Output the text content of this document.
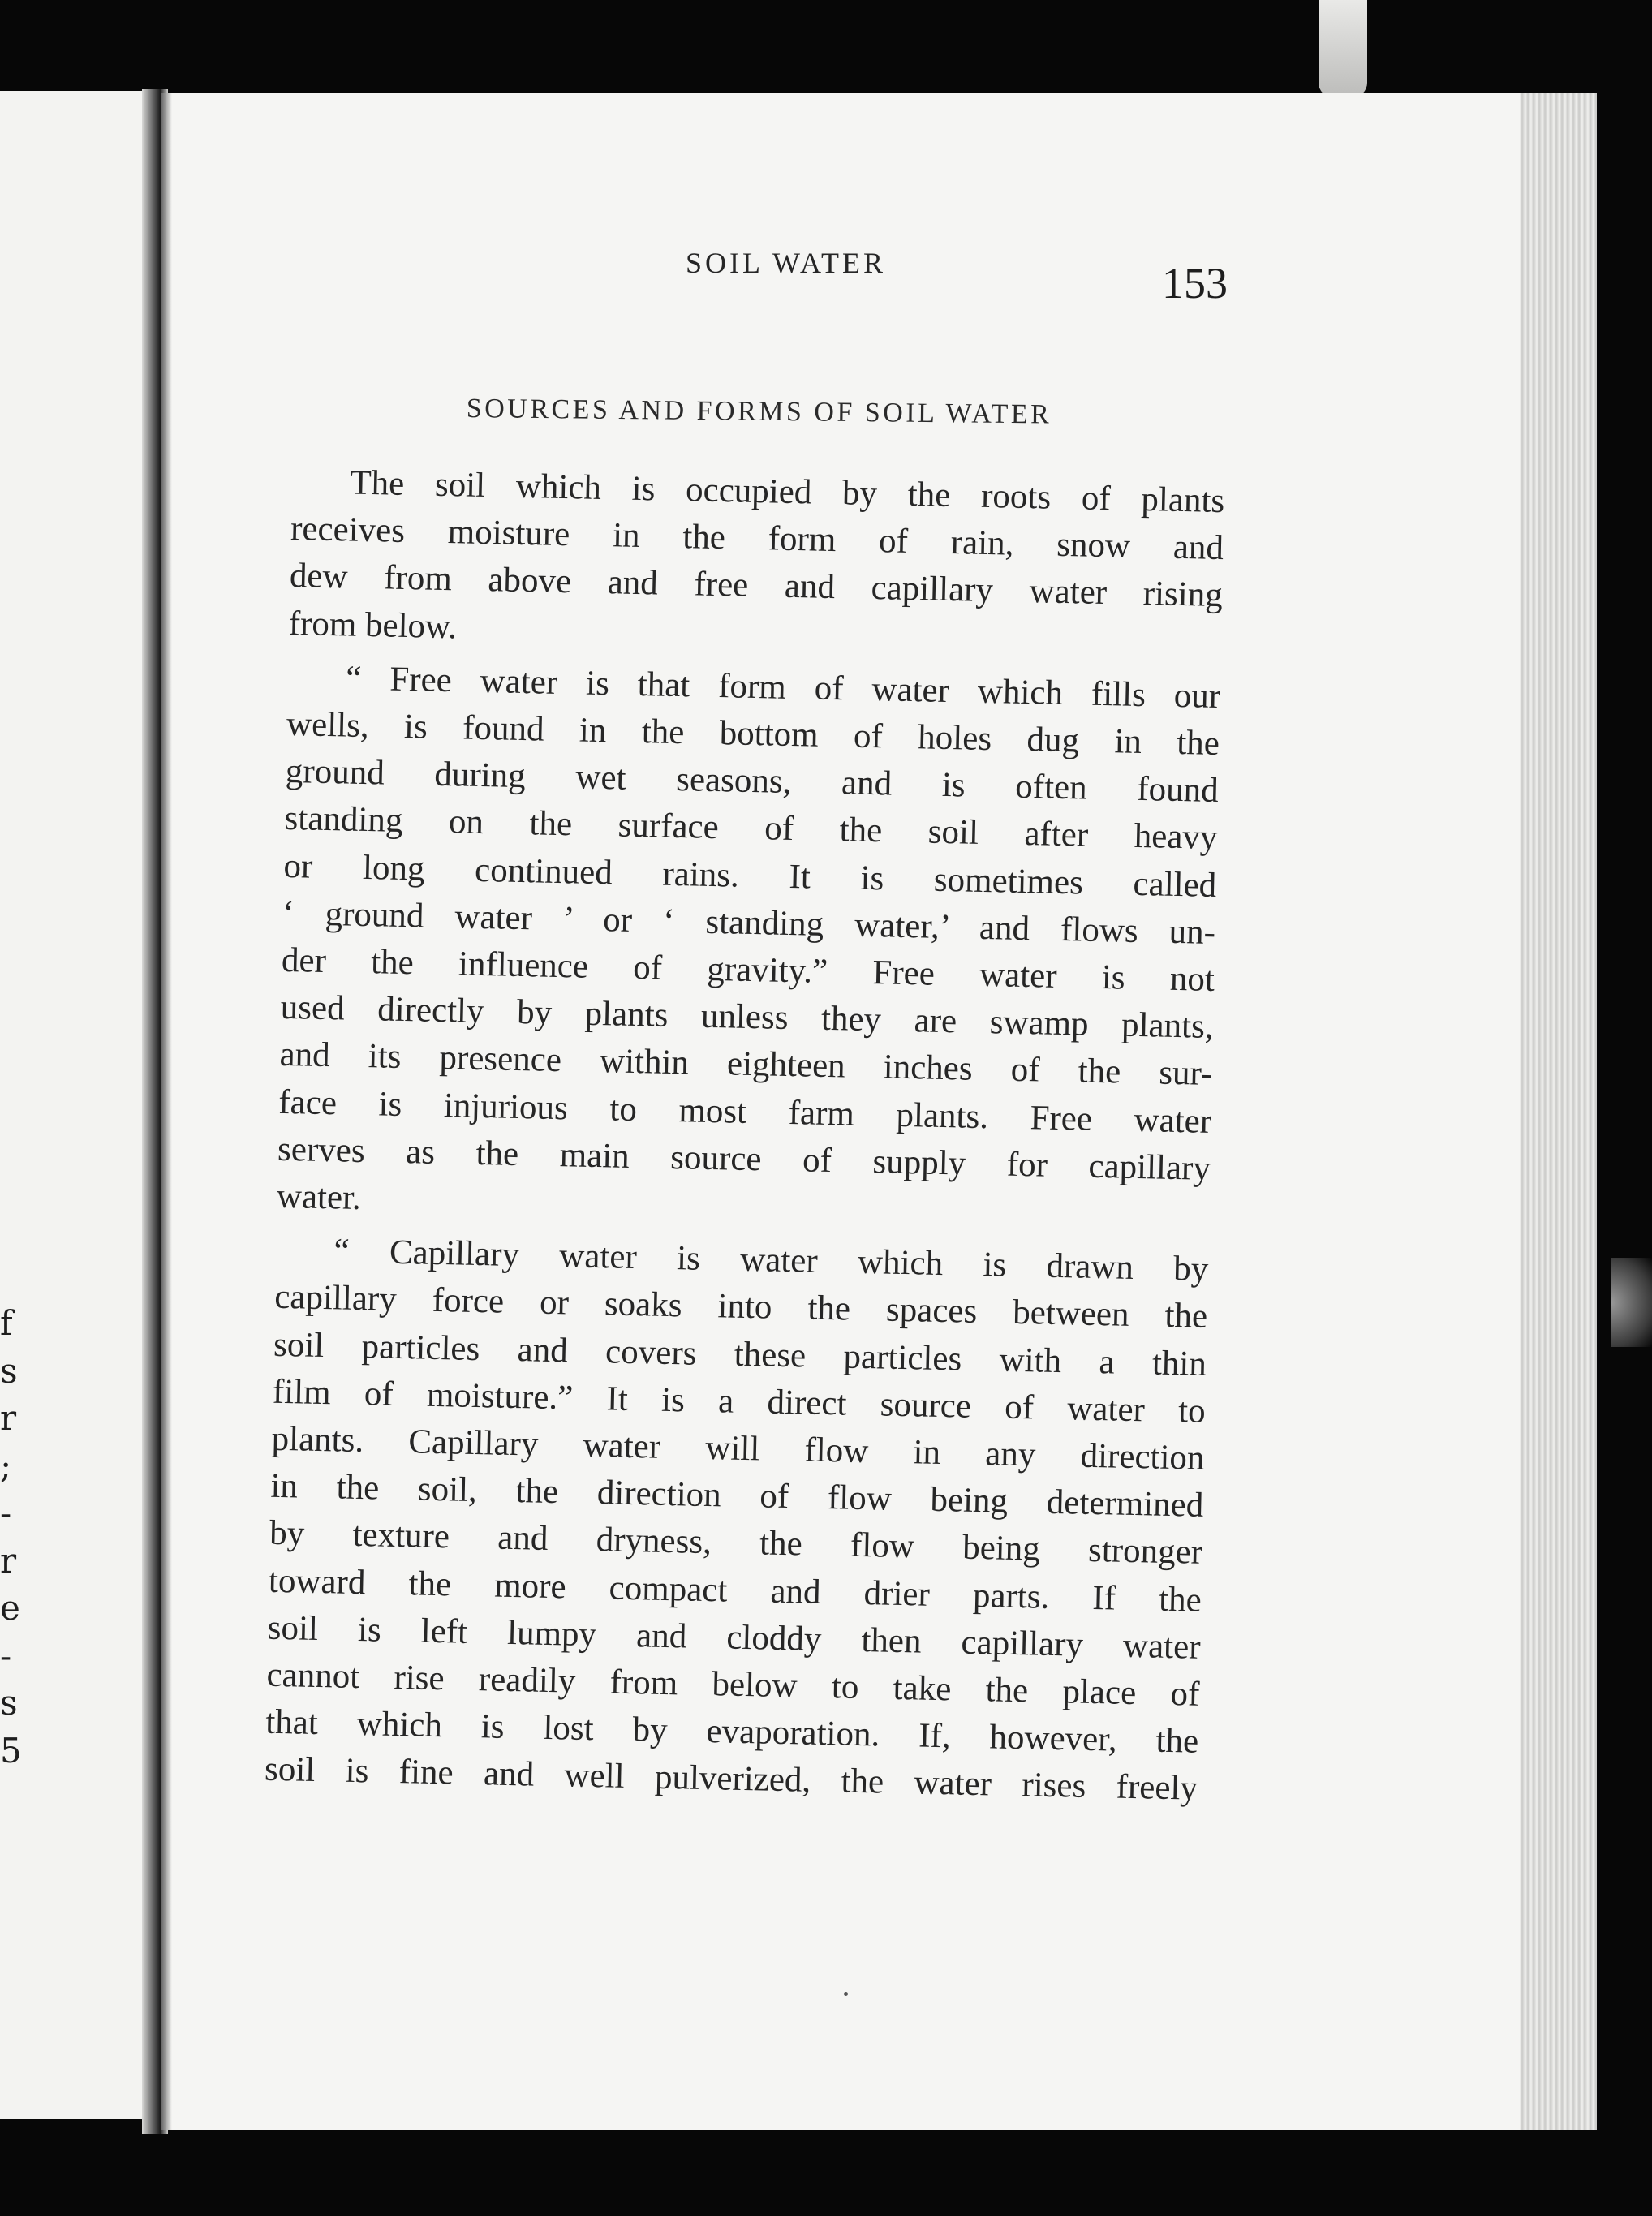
f
s
r
;
-
r
e
-
s
5
SOIL WATER	153
SOURCES AND FORMS OF SOIL WATER
The soil which is occupied by the roots of plants
receives moisture in the form of rain, snow and
dew from above and free and capillary water rising
from below.
“ Free water is that form of water which fills our
wells, is found in the bottom of holes dug in the
ground during wet seasons, and is often found
standing on the surface of the soil after heavy
or long continued rains. It is sometimes called
‘ ground water ’ or ‘ standing water,’ and flows un-
der the influence of gravity.” Free water is not
used directly by plants unless they are swamp plants,
and its presence within eighteen inches of the sur-
face is injurious to most farm plants. Free water
serves as the main source of supply for capillary
water.
“ Capillary water is water which is drawn by
capillary force or soaks into the spaces between the
soil particles and covers these particles with a thin
film of moisture.” It is a direct source of water to
plants. Capillary water will flow in any direction
in the soil, the direction of flow being determined
by texture and dryness, the flow being stronger
toward the more compact and drier parts. If the
soil is left lumpy and cloddy then capillary water
cannot rise readily from below to take the place of
that which is lost by evaporation. If, however, the
soil is fine and well pulverized, the water rises freely
